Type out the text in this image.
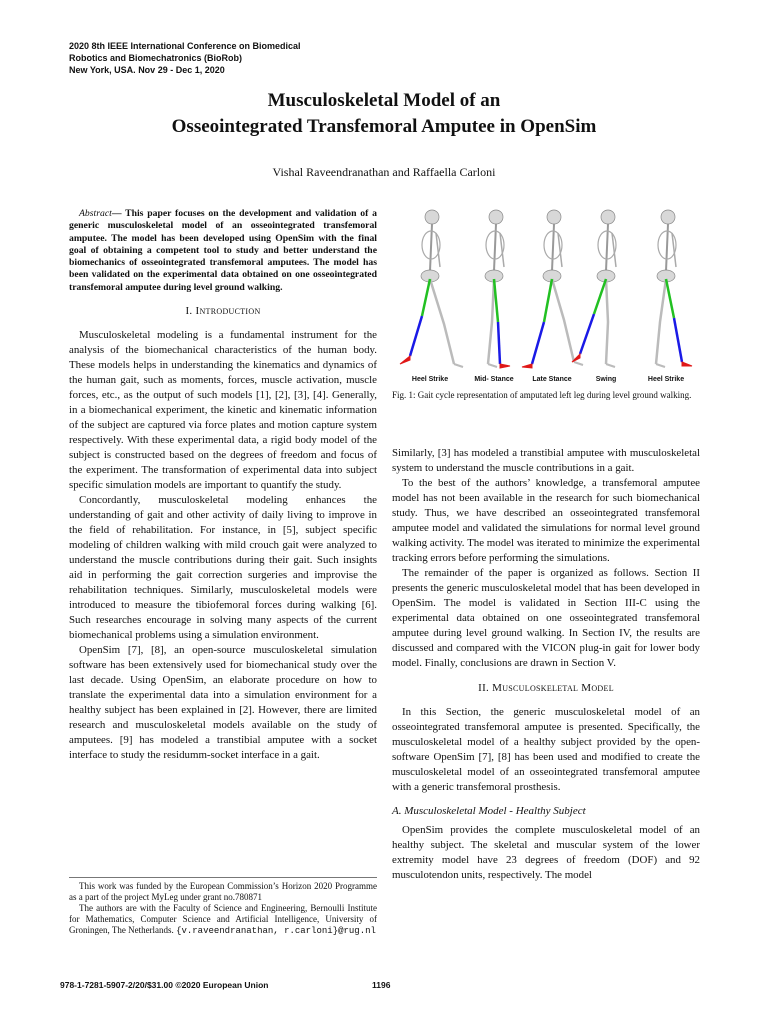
2020 8th IEEE International Conference on Biomedical
Robotics and Biomechatronics (BioRob)
New York, USA. Nov 29 - Dec 1, 2020
Musculoskeletal Model of an
Osseointegrated Transfemoral Amputee in OpenSim
Vishal Raveendranathan and Raffaella Carloni

Abstract— This paper focuses on the development and validation of a generic musculoskeletal model of an osseointegrated transfemoral amputee. The model has been developed using OpenSim with the final goal of obtaining a competent tool to study and better understand the biomechanics of osseointegrated transfemoral amputees. The model has been validated on the experimental data obtained on one osseointegrated transfemoral amputee during level ground walking.

I. Introduction

Musculoskeletal modeling is a fundamental instrument for the analysis of the biomechanical characteristics of the human body. These models helps in understanding the kinematics and dynamics of the human gait, such as moments, forces, muscle activation, muscle forces, etc., as the output of such models [1], [2], [3], [4]. Generally, in a biomechanical experiment, the kinetic and kinematic information of the subject are captured via force plates and motion capture system respectively. With these experimental data, a rigid body model of the subject is constructed based on the degrees of freedom and focus of the experiment. The transformation of experimental data into subject specific simulation models are important to quantify the study.

Concordantly, musculoskeletal modeling enhances the understanding of gait and other activity of daily living to improve in the field of rehabilitation. For instance, in [5], subject specific modeling of children walking with mild crouch gait were analyzed to understand the muscle contributions during their gait. Such insights aid in performing the gait correction surgeries and improvise the rehabilitation techniques. Similarly, musculoskeletal models were introduced to measure the tibiofemoral forces during walking [6]. Such researches encourage in solving many aspects of the current biomechanical problems using a simulation environment.

OpenSim [7], [8], an open-source musculoskeletal simulation software has been extensively used for biomechanical study over the last decade. Using OpenSim, an elaborate procedure on how to translate the experimental data into a simulation environment for a healthy subject has been explained in [2]. However, there are limited research and musculoskeletal models available on the study of amputees. [9] has modeled a transtibial amputee with a socket interface to study the residumm-socket interface in a gait.

This work was funded by the European Commission’s Horizon 2020 Programme as a part of the project MyLeg under grant no.780871

The authors are with the Faculty of Science and Engineering, Bernoulli Institute for Mathematics, Computer Science and Artificial Intelligence, University of Groningen, The Netherlands. {v.raveendranathan, r.carloni}@rug.nl

Heel Strike	Mid- Stance	Late Stance	Swing	Heel Strike
Fig. 1: Gait cycle representation of amputated left leg during level ground walking.

Similarly, [3] has modeled a transtibial amputee with musculoskeletal system to understand the muscle contributions in a gait.

To the best of the authors’ knowledge, a transfemoral amputee model has not been available in the research for such biomechanical study. Thus, we have described an osseointegrated transfemoral amputee model and validated the simulations for normal level ground walking activity. The model was iterated to minimize the experimental tracking errors before performing the simulations.

The remainder of the paper is organized as follows. Section II presents the generic musculoskeletal model that has been developed in OpenSim. The model is validated in Section III-C using the experimental data obtained on one osseointegrated transfemoral amputee during level ground walking. In Section IV, the results are discussed and compared with the VICON plug-in gait for lower body model. Finally, conclusions are drawn in Section V.

II. Musculoskeletal Model

In this Section, the generic musculoskeletal model of an osseointegrated transfemoral amputee is presented. Specifically, the musculoskeletal model of a healthy subject provided by the open-software OpenSim [7], [8] has been used and modified to create the musculoskeletal model of an osseointegrated transfemoral amputee with a generic transfemoral prosthesis.

A. Musculoskeletal Model - Healthy Subject

OpenSim provides the complete musculoskeletal model of an healthy subject. The skeletal and muscular system of the lower extremity model have 23 degrees of freedom (DOF) and 92 musculotendon units, respectively. The model

978-1-7281-5907-2/20/$31.00 ©2020 European Union	1196
